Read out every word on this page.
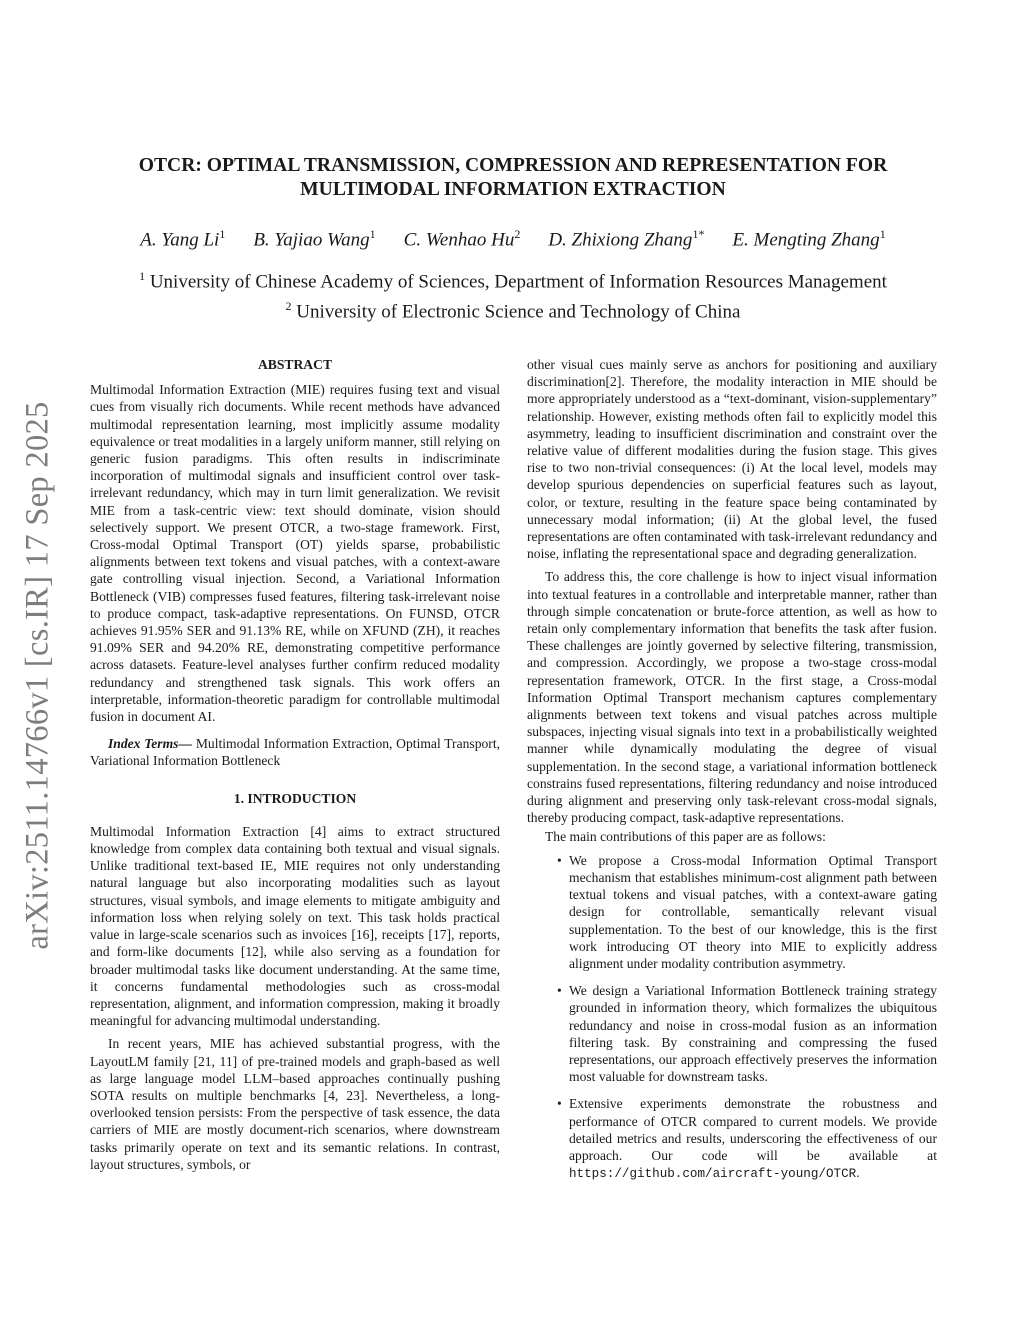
arXiv:2511.14766v1 [cs.IR] 17 Sep 2025
OTCR: OPTIMAL TRANSMISSION, COMPRESSION AND REPRESENTATION FOR
MULTIMODAL INFORMATION EXTRACTION
A. Yang Li$^1$ B. Yajiao Wang$^1$ C. Wenhao Hu$^2$ D. Zhixiong Zhang$^{1*}$ E. Mengting Zhang$^1$
$^1$ University of Chinese Academy of Sciences, Department of Information Resources Management
$^2$ University of Electronic Science and Technology of China

ABSTRACT

Multimodal Information Extraction (MIE) requires fusing text and visual cues from visually rich documents. While recent methods have advanced multimodal representation learning, most implicitly assume modality equivalence or treat modalities in a largely uniform manner, still relying on generic fusion paradigms. This often results in indiscriminate incorporation of multimodal signals and insufficient control over task-irrelevant redundancy, which may in turn limit generalization. We revisit MIE from a task-centric view: text should dominate, vision should selectively support. We present OTCR, a two-stage framework. First, Cross-modal Optimal Transport (OT) yields sparse, probabilistic alignments between text tokens and visual patches, with a context-aware gate controlling visual injection. Second, a Variational Information Bottleneck (VIB) compresses fused features, filtering task-irrelevant noise to produce compact, task-adaptive representations. On FUNSD, OTCR achieves 91.95% SER and 91.13% RE, while on XFUND (ZH), it reaches 91.09% SER and 94.20% RE, demonstrating competitive performance across datasets. Feature-level analyses further confirm reduced modality redundancy and strengthened task signals. This work offers an interpretable, information-theoretic paradigm for controllable multimodal fusion in document AI.

Index Terms— Multimodal Information Extraction, Optimal Transport, Variational Information Bottleneck

1. INTRODUCTION

Multimodal Information Extraction [4] aims to extract structured knowledge from complex data containing both textual and visual signals. Unlike traditional text-based IE, MIE requires not only understanding natural language but also incorporating modalities such as layout structures, visual symbols, and image elements to mitigate ambiguity and information loss when relying solely on text. This task holds practical value in large-scale scenarios such as invoices [16], receipts [17], reports, and form-like documents [12], while also serving as a foundation for broader multimodal tasks like document understanding. At the same time, it concerns fundamental methodologies such as cross-modal representation, alignment, and information compression, making it broadly meaningful for advancing multimodal understanding.

In recent years, MIE has achieved substantial progress, with the LayoutLM family [21, 11] of pre-trained models and graph-based as well as large language model LLM–based approaches continually pushing SOTA results on multiple benchmarks [4, 23]. Nevertheless, a long-overlooked tension persists: From the perspective of task essence, the data carriers of MIE are mostly document-rich scenarios, where downstream tasks primarily operate on text and its semantic relations. In contrast, layout structures, symbols, or

other visual cues mainly serve as anchors for positioning and auxiliary discrimination[2]. Therefore, the modality interaction in MIE should be more appropriately understood as a “text-dominant, vision-supplementary” relationship. However, existing methods often fail to explicitly model this asymmetry, leading to insufficient discrimination and constraint over the relative value of different modalities during the fusion stage. This gives rise to two non-trivial consequences: (i) At the local level, models may develop spurious dependencies on superficial features such as layout, color, or texture, resulting in the feature space being contaminated by unnecessary modal information; (ii) At the global level, the fused representations are often contaminated with task-irrelevant redundancy and noise, inflating the representational space and degrading generalization.

To address this, the core challenge is how to inject visual information into textual features in a controllable and interpretable manner, rather than through simple concatenation or brute-force attention, as well as how to retain only complementary information that benefits the task after fusion. These challenges are jointly governed by selective filtering, transmission, and compression. Accordingly, we propose a two-stage cross-modal representation framework, OTCR. In the first stage, a Cross-modal Information Optimal Transport mechanism captures complementary alignments between text tokens and visual patches across multiple subspaces, injecting visual signals into text in a probabilistically weighted manner while dynamically modulating the degree of visual supplementation. In the second stage, a variational information bottleneck constrains fused representations, filtering redundancy and noise introduced during alignment and preserving only task-relevant cross-modal signals, thereby producing compact, task-adaptive representations.

The main contributions of this paper are as follows:

• We propose a Cross-modal Information Optimal Transport mechanism that establishes minimum-cost alignment path between textual tokens and visual patches, with a context-aware gating design for controllable, semantically relevant visual supplementation. To the best of our knowledge, this is the first work introducing OT theory into MIE to explicitly address alignment under modality contribution asymmetry.
• We design a Variational Information Bottleneck training strategy grounded in information theory, which formalizes the ubiquitous redundancy and noise in cross-modal fusion as an information filtering task. By constraining and compressing the fused representations, our approach effectively preserves the information most valuable for downstream tasks.
• Extensive experiments demonstrate the robustness and performance of OTCR compared to current models. We provide detailed metrics and results, underscoring the effectiveness of our approach. Our code will be available at https://github.com/aircraft-young/OTCR.
